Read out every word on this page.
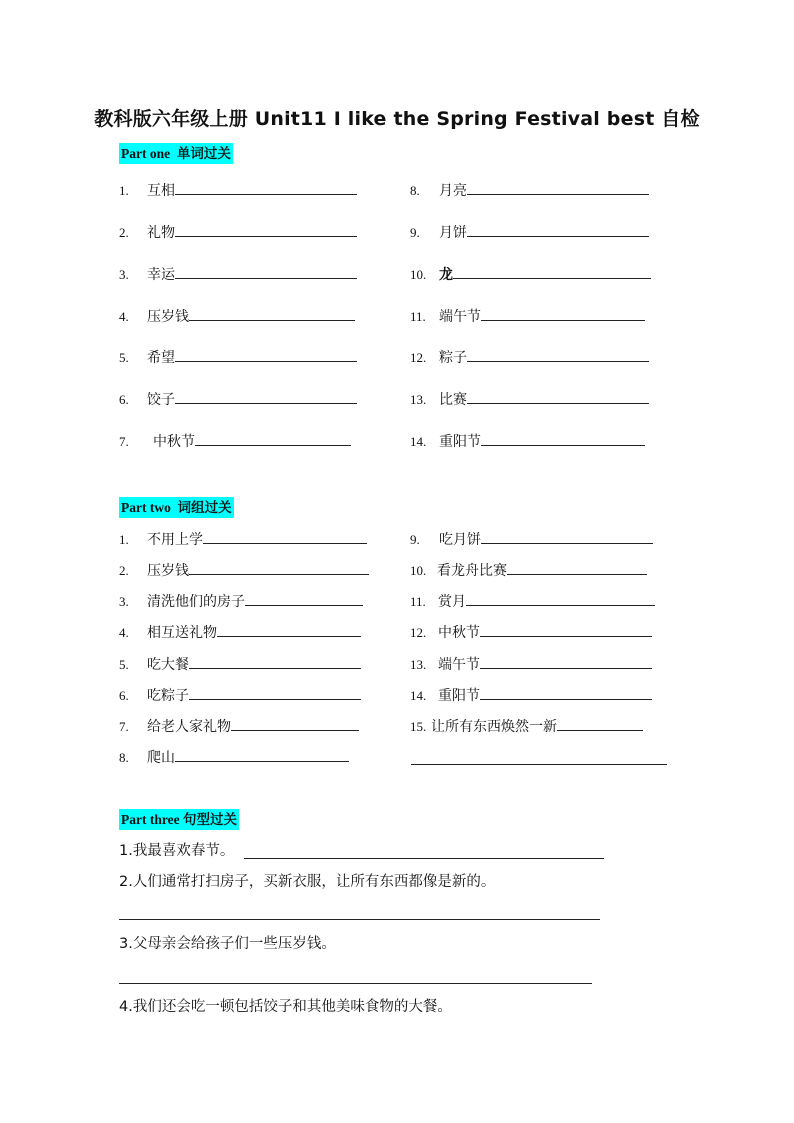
教科版六年级上册 Unit11 I like the Spring Festival best 自检
Part one 单词过关
1. 互相
2. 礼物
3. 幸运
4. 压岁钱
5. 希望
6. 饺子
7. 中秋节
8. 月亮
9. 月饼
10. 龙
11. 端午节
12. 粽子
13. 比赛
14. 重阳节
Part two 词组过关
1. 不用上学
2. 压岁钱
3. 清洗他们的房子
4. 相互送礼物
5. 吃大餐
6. 吃粽子
7. 给老人家礼物
8. 爬山
9. 吃月饼
10. 看龙舟比赛
11. 赏月
12. 中秋节
13. 端午节
14. 重阳节
15. 让所有东西焕然一新
Part three 句型过关
1.我最喜欢春节。
2.人们通常打扫房子，买新衣服，让所有东西都像是新的。
3.父母亲会给孩子们一些压岁钱。
4.我们还会吃一顿包括饺子和其他美味食物的大餐。
